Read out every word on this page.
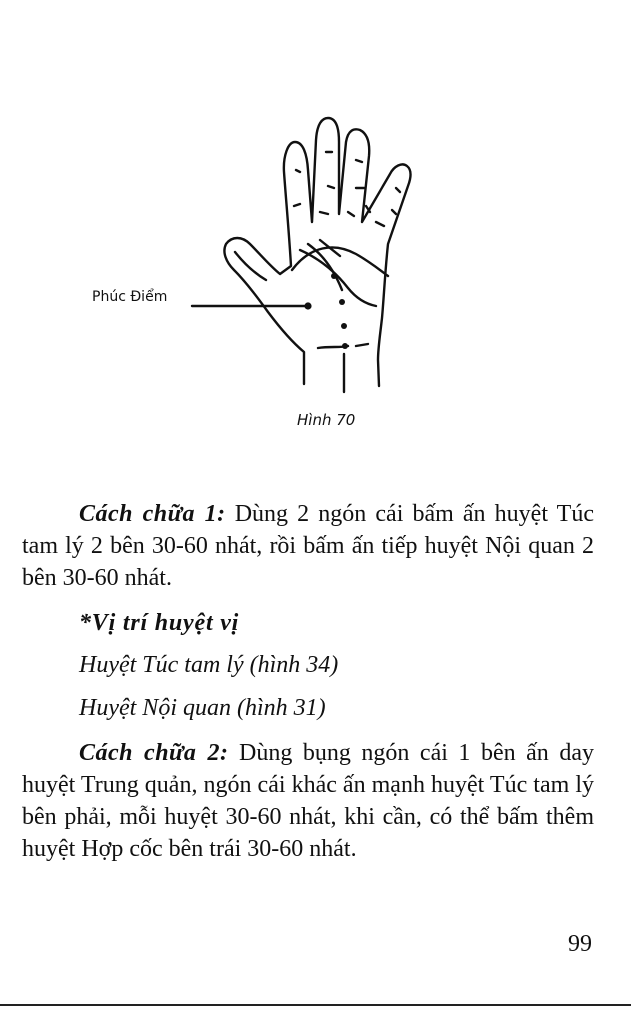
Phúc Điểm
Hình 70

Cách chữa 1: Dùng 2 ngón cái bấm ấn huyệt Túc tam lý 2 bên 30-60 nhát, rồi bấm ấn tiếp huyệt Nội quan 2 bên 30-60 nhát.

*Vị trí huyệt vị
Huyệt Túc tam lý (hình 34)
Huyệt Nội quan (hình 31)

Cách chữa 2: Dùng bụng ngón cái 1 bên ấn day huyệt Trung quản, ngón cái khác ấn mạnh huyệt Túc tam lý bên phải, mỗi huyệt 30-60 nhát, khi cần, có thể bấm thêm huyệt Hợp cốc bên trái 30-60 nhát.

99
